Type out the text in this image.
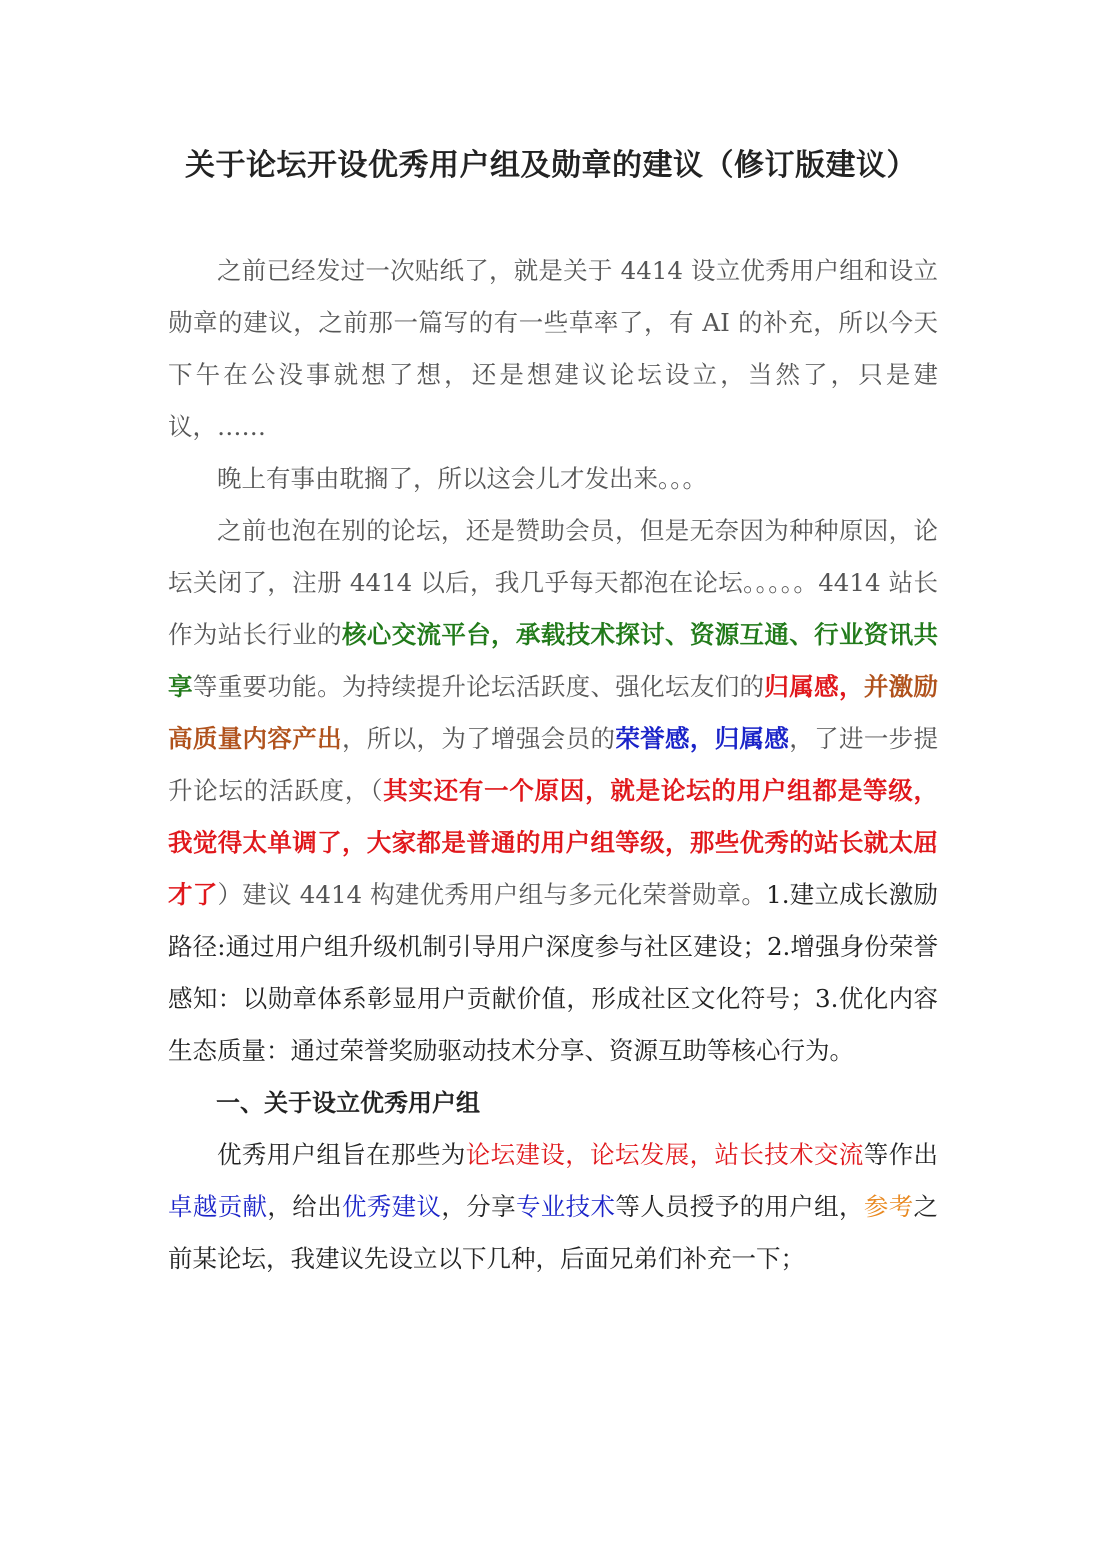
关于论坛开设优秀用户组及勋章的建议（修订版建议）

之前已经发过一次贴纸了，就是关于 4414 设立优秀用户组和设立勋章的建议，之前那一篇写的有一些草率了，有 AI 的补充，所以今天下午在公没事就想了想，还是想建议论坛设立，当然了，只是建议，……

晚上有事由耽搁了，所以这会儿才发出来。。。

之前也泡在别的论坛，还是赞助会员，但是无奈因为种种原因，论坛关闭了，注册 4414 以后，我几乎每天都泡在论坛。。。。。4414 站长作为站长行业的核心交流平台，承载技术探讨、资源互通、行业资讯共享等重要功能。为持续提升论坛活跃度、强化坛友们的归属感，并激励高质量内容产出，所以，为了增强会员的荣誉感，归属感，了进一步提升论坛的活跃度，（其实还有一个原因，就是论坛的用户组都是等级，我觉得太单调了，大家都是普通的用户组等级，那些优秀的站长就太屈才了）建议 4414 构建优秀用户组与多元化荣誉勋章。1.建立成长激励路径:通过用户组升级机制引导用户深度参与社区建设；2.增强身份荣誉感知：以勋章体系彰显用户贡献价值，形成社区文化符号；3.优化内容生态质量：通过荣誉奖励驱动技术分享、资源互助等核心行为。

一、关于设立优秀用户组

优秀用户组旨在那些为论坛建设，论坛发展，站长技术交流等作出卓越贡献，给出优秀建议，分享专业技术等人员授予的用户组，参考之前某论坛，我建议先设立以下几种，后面兄弟们补充一下；
